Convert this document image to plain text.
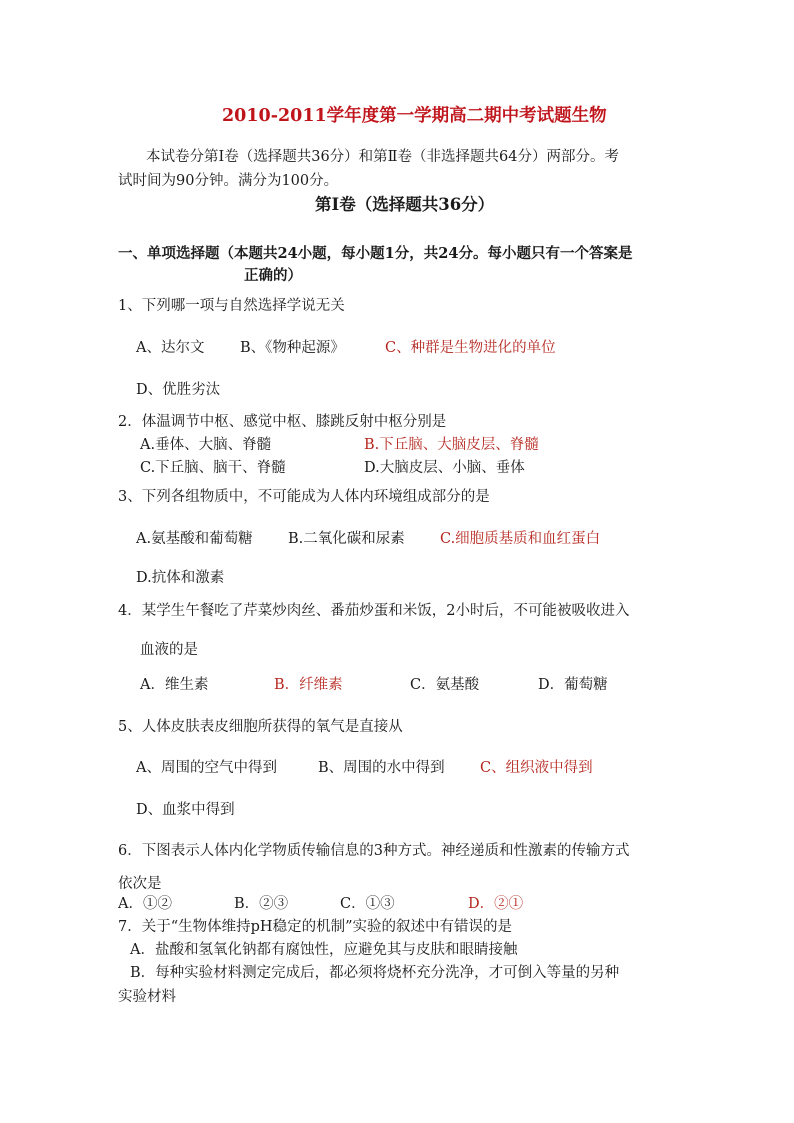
2010-2011学年度第一学期高二期中考试题生物
本试卷分第Ⅰ卷（选择题共36分）和第Ⅱ卷（非选择题共64分）两部分。考
试时间为90分钟。满分为100分。
第Ⅰ卷（选择题共36分）
一、单项选择题（本题共24小题，每小题1分，共24分。每小题只有一个答案是
正确的）
1、下列哪一项与自然选择学说无关
A、达尔文 B、《物种起源》	C、种群是生物进化的单位
D、优胜劣汰
2．体温调节中枢、感觉中枢、膝跳反射中枢分别是
A.垂体、大脑、脊髓	B.下丘脑、大脑皮层、脊髓
C.下丘脑、脑干、脊髓	D.大脑皮层、小脑、垂体
3、下列各组物质中，不可能成为人体内环境组成部分的是
A.氨基酸和葡萄糖 B.二氧化碳和尿素 C.细胞质基质和血红蛋白
D.抗体和激素
4．某学生午餐吃了芹菜炒肉丝、番茄炒蛋和米饭，2小时后，不可能被吸收进入
血液的是
A．维生素	B．纤维素	C．氨基酸	D．葡萄糖
5、人体皮肤表皮细胞所获得的氧气是直接从
A、周围的空气中得到	B、周围的水中得到 C、组织液中得到
D、血浆中得到
6．下图表示人体内化学物质传输信息的3种方式。神经递质和性激素的传输方式
依次是
A．①②	B．②③	C．①③	D．②①
7．关于“生物体维持pH稳定的机制”实验的叙述中有错误的是
A．盐酸和氢氧化钠都有腐蚀性，应避免其与皮肤和眼睛接触
B．每种实验材料测定完成后，都必须将烧杯充分洗净，才可倒入等量的另种
实验材料
